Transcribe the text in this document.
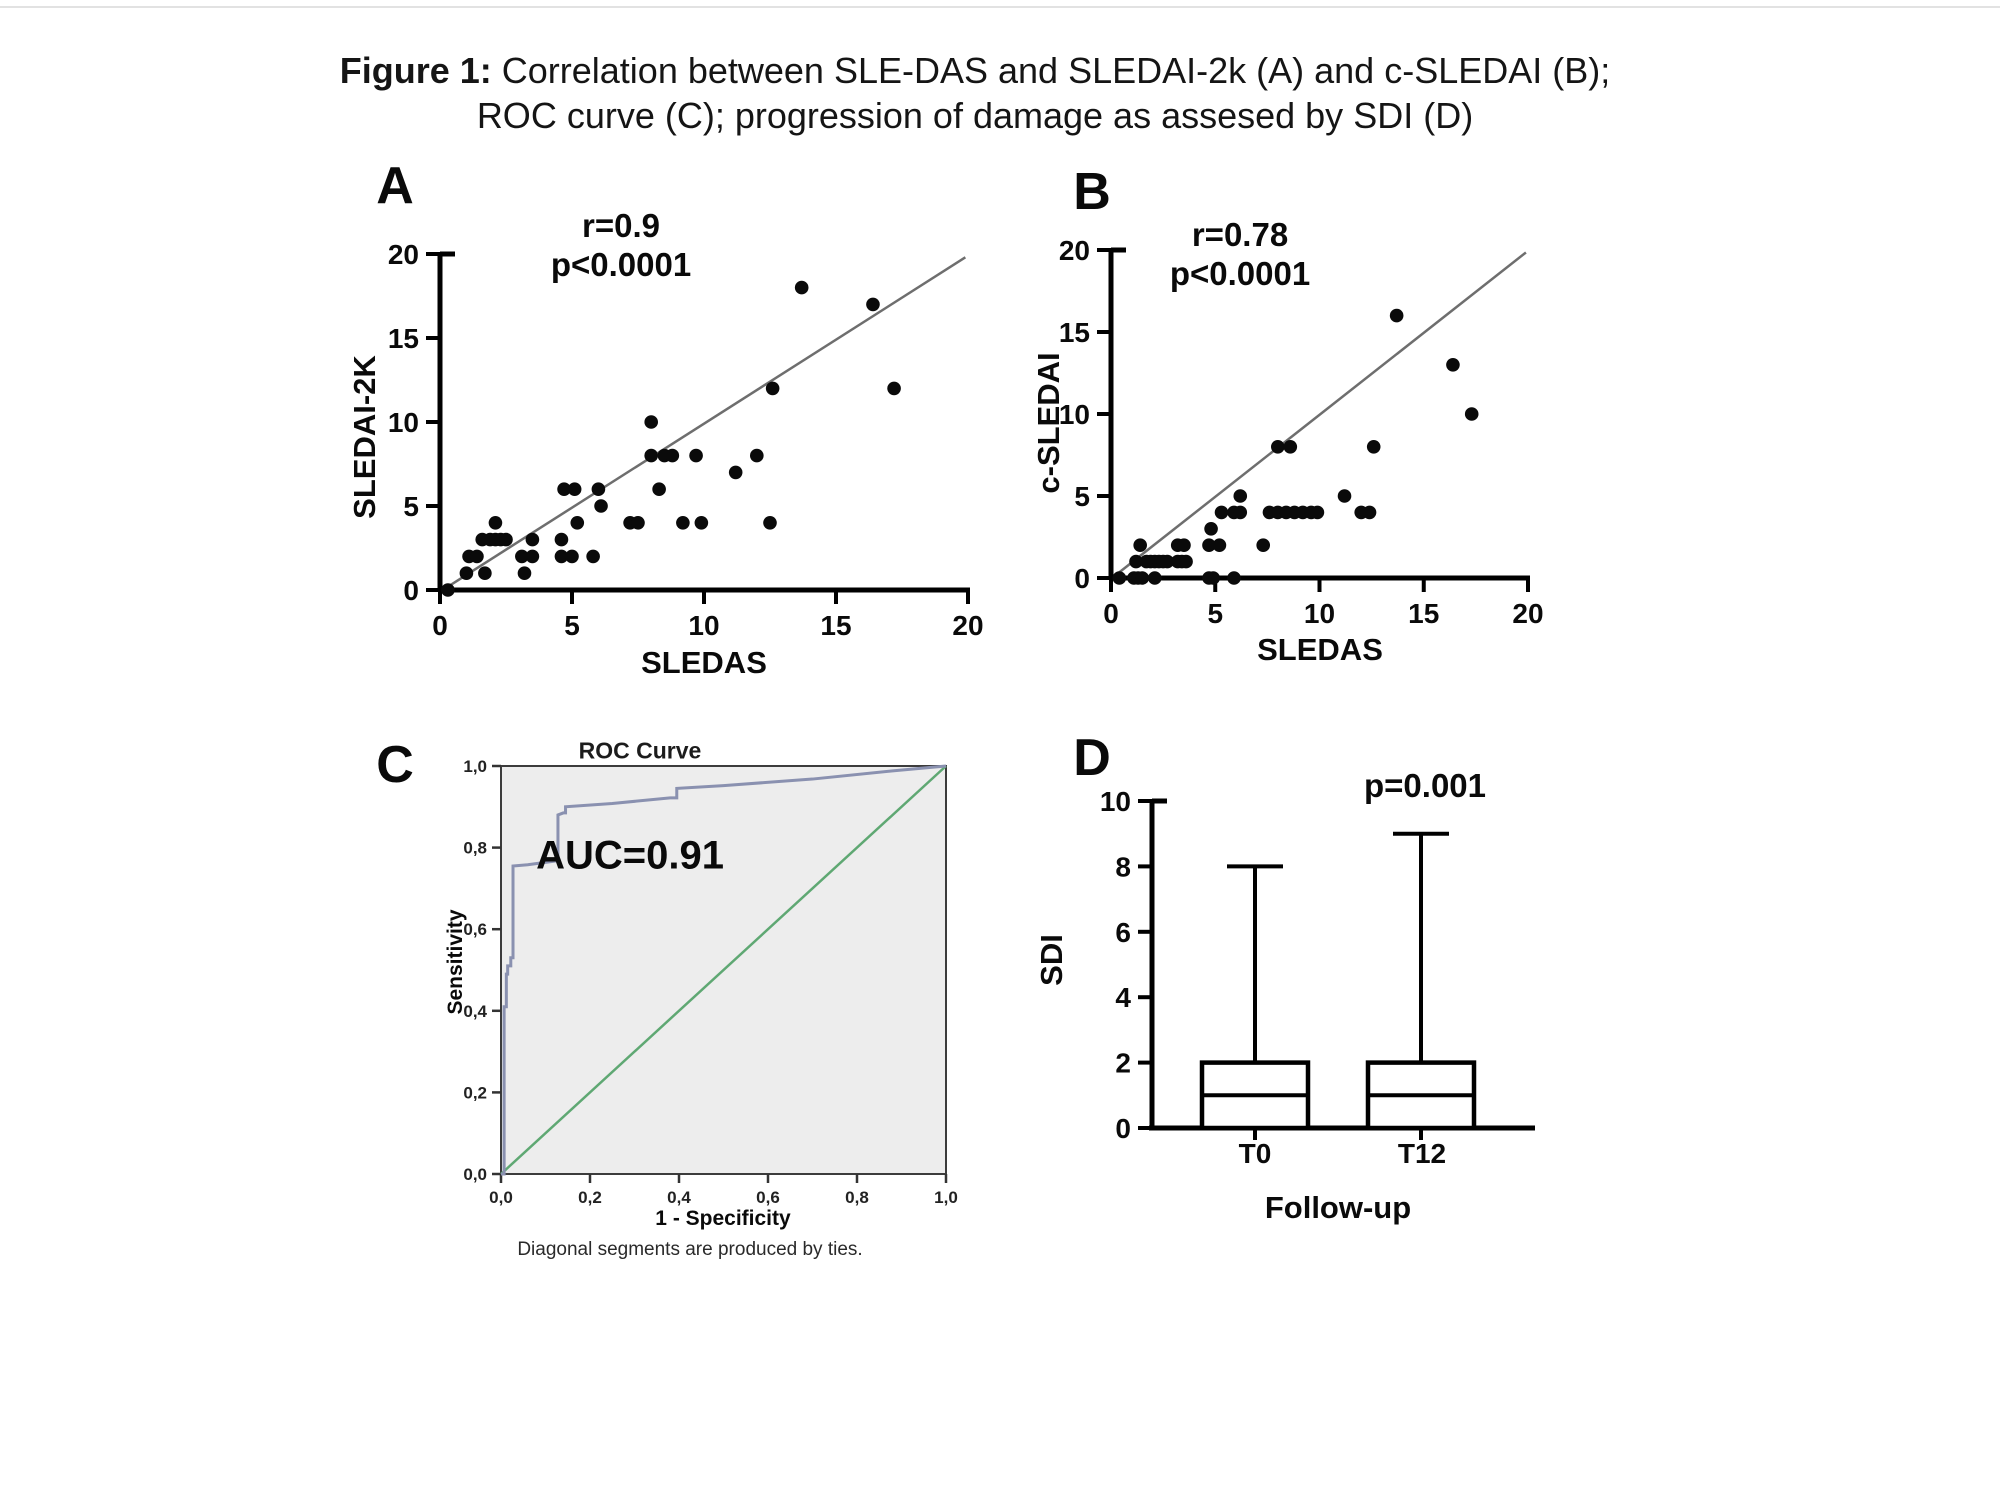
0
5
10
15
20
0	5	10	15	20
0
5
10
15
20
0	5	10	15	20
0,0
0,0
0,2
0,2
0,4
0,4
0,6
0,6
0,8
0,8
1,0
1,0
0
2
4
6
8
10
Figure 1: Correlation between SLE-DAS and SLEDAI-2k (A) and c-SLEDAI (B);
ROC curve (C); progression of damage as assesed by SDI (D)
A
r=0.9
p<0.0001
SLEDAI-2K
SLEDAS
B
r=0.78
p<0.0001
c-SLEDAI
SLEDAS
C	ROC Curve
AUC=0.91
Sensitivity
1 - Specificity
Diagonal segments are produced by ties.
D	p=0.001
SDI
Follow-up
T0	T12
